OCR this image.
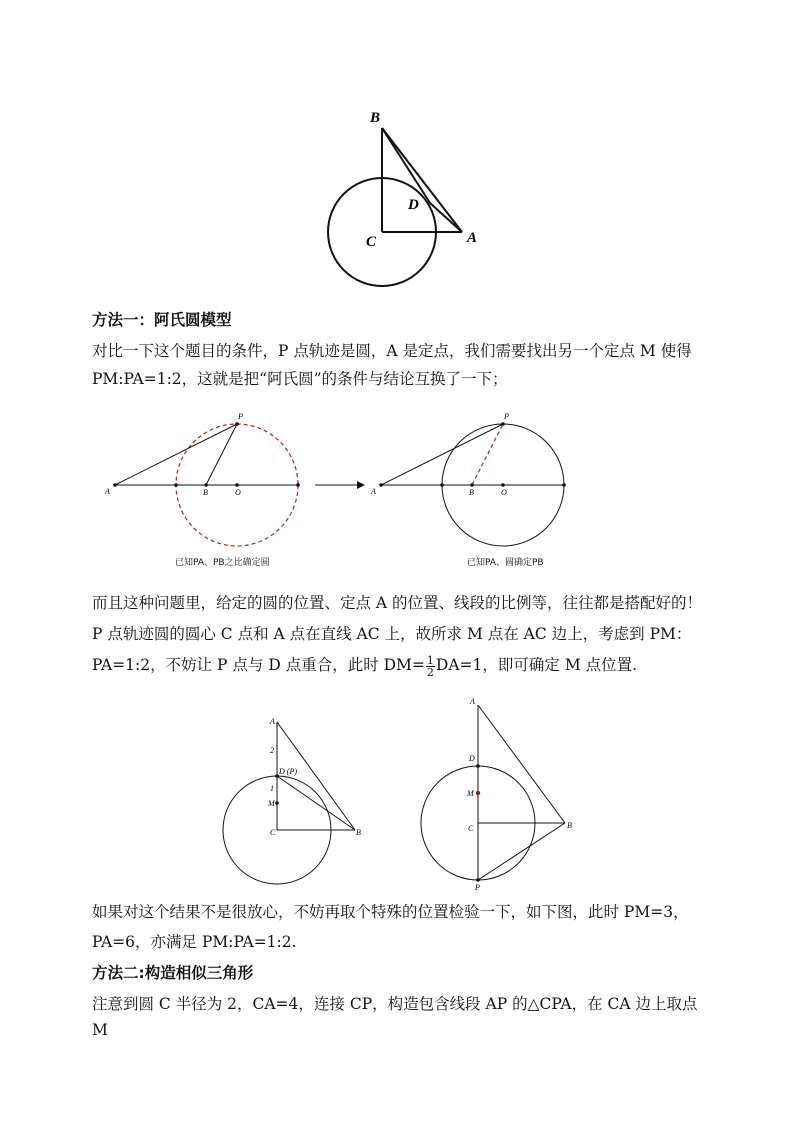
B
D
C	A
方法一：阿氏圆模型
对比一下这个题目的条件，P 点轨迹是圆，A 是定点，我们需要找出另一个定点 M 使得
PM:PA=1:2，这就是把“阿氏圆”的条件与结论互换了一下；
P
A	B	O
已知PA、PB之比确定圆
P
A	B	O
已知PA、圆确定PB
而且这种问题里，给定的圆的位置、定点 A 的位置、线段的比例等，往往都是搭配好的！
P 点轨迹圆的圆心 C 点和 A 点在直线 AC 上，故所求 M 点在 AC 边上，考虑到 PM：
PA=1:2，不妨让 P 点与 D 点重合，此时 $DM= \frac{1}{2} DA=1$，即可确定 M 点位置.
A
2
D (P)
1
M
C	B
A
D
M
C	B
P
如果对这个结果不是很放心，不妨再取个特殊的位置检验一下，如下图，此时 PM=3，
PA=6，亦满足 PM:PA=1:2.
方法二:构造相似三角形
注意到圆 C 半径为 2，CA=4，连接 CP，构造包含线段 AP 的△CPA，在 CA 边上取点 M
